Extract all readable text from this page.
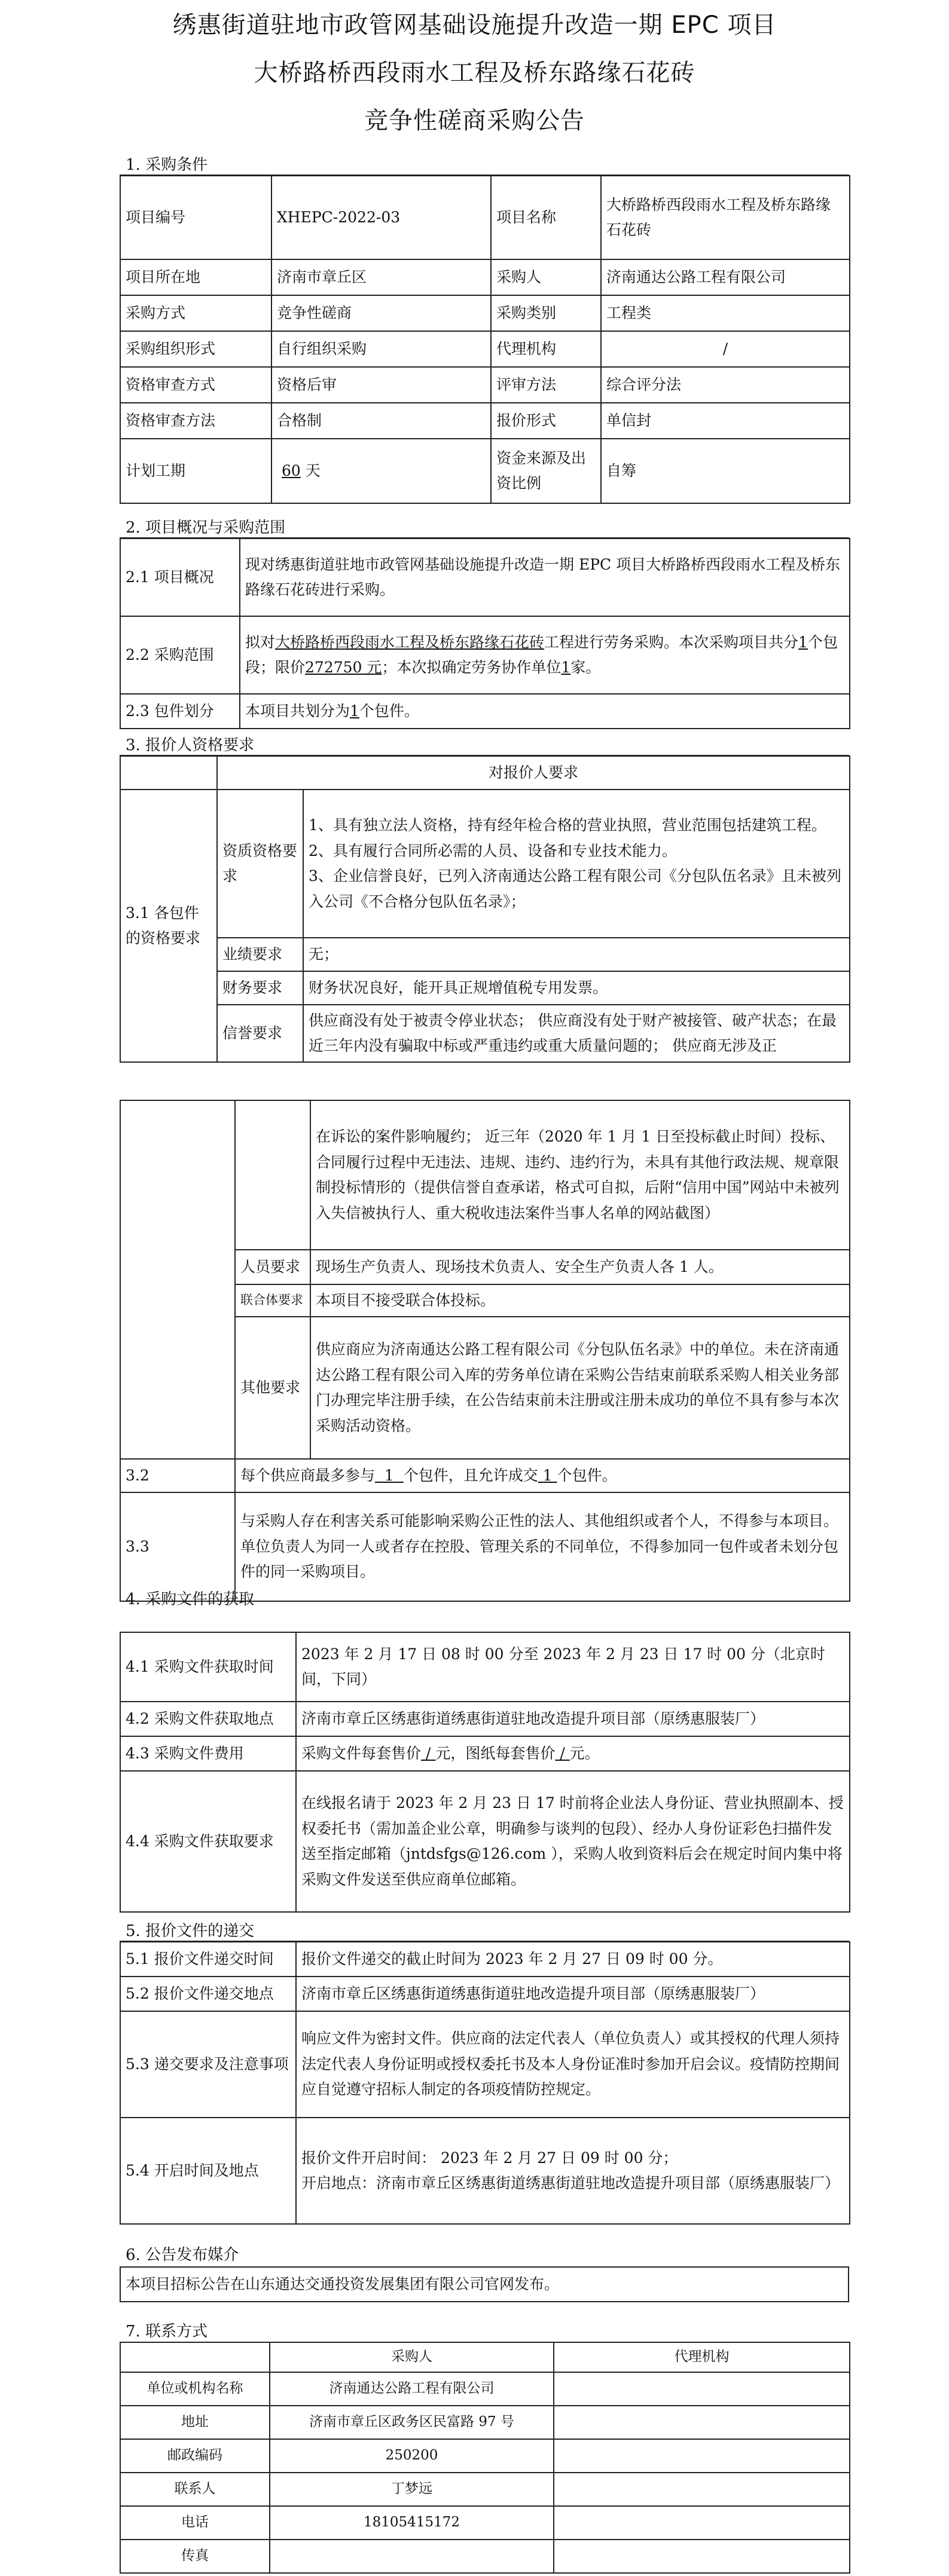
绣惠街道驻地市政管网基础设施提升改造一期 EPC 项目
大桥路桥西段雨水工程及桥东路缘石花砖
竞争性磋商采购公告
1. 采购条件
项目编号	XHEPC-2022-03	项目名称	大桥路桥西段雨水工程及桥东路缘石花砖
项目所在地	济南市章丘区	采购人	济南通达公路工程有限公司
采购方式	竞争性磋商	采购类别	工程类
采购组织形式	自行组织采购	代理机构	/
资格审查方式	资格后审	评审方法	综合评分法
资格审查方法	合格制	报价形式	单信封
计划工期	60 天	资金来源及出资比例	自筹
2. 项目概况与采购范围
2.1 项目概况	现对绣惠街道驻地市政管网基础设施提升改造一期 EPC 项目大桥路桥西段雨水工程及桥东路缘石花砖进行采购。
2.2 采购范围	拟对大桥路桥西段雨水工程及桥东路缘石花砖工程进行劳务采购。本次采购项目共分1个包段；限价272750 元；本次拟确定劳务协作单位1家。
2.3 包件划分	本项目共划分为1个包件。
3. 报价人资格要求
	对报价人要求	
3.1 各包件的资格要求	资质资格要求	1、具有独立法人资格，持有经年检合格的营业执照，营业范围包括建筑工程。
2、具有履行合同所必需的人员、设备和专业技术能力。
3、企业信誉良好，已列入济南通达公路工程有限公司《分包队伍名录》且未被列入公司《不合格分包队伍名录》；

	业绩要求	无；
	财务要求	财务状况良好，能开具正规增值税专用发票。
	信誉要求	供应商没有处于被责令停业状态； 供应商没有处于财产被接管、破产状态；在最近三年内没有骗取中标或严重违约或重大质量问题的； 供应商无涉及正
		在诉讼的案件影响履约； 近三年（2020 年 1 月 1 日至投标截止时间）投标、合同履行过程中无违法、违规、违约、违约行为，未具有其他行政法规、规章限制投标情形的（提供信誉自查承诺，格式可自拟，后附“信用中国”网站中未被列入失信被执行人、重大税收违法案件当事人名单的网站截图）
	人员要求	现场生产负责人、现场技术负责人、安全生产负责人各 1 人。
	联合体要求	本项目不接受联合体投标。
	其他要求	供应商应为济南通达公路工程有限公司《分包队伍名录》中的单位。未在济南通达公路工程有限公司入库的劳务单位请在采购公告结束前联系采购人相关业务部门办理完毕注册手续，在公告结束前未注册或注册未成功的单位不具有参与本次采购活动资格。
3.2	每个供应商最多参与 1 个包件，且允许成交 1 个包件。	
3.3	与采购人存在利害关系可能影响采购公正性的法人、其他组织或者个人，不得参与本项目。单位负责人为同一人或者存在控股、管理关系的不同单位，不得参加同一包件或者未划分包件的同一采购项目。	
4. 采购文件的获取
4.1 采购文件获取时间	2023 年 2 月 17 日 08 时 00 分至 2023 年 2 月 23 日 17 时 00 分（北京时间，下同）
4.2 采购文件获取地点	济南市章丘区绣惠街道绣惠街道驻地改造提升项目部（原绣惠服装厂）
4.3 采购文件费用	采购文件每套售价 / 元，图纸每套售价 / 元。
4.4 采购文件获取要求	在线报名请于 2023 年 2 月 23 日 17 时前将企业法人身份证、营业执照副本、授权委托书（需加盖企业公章，明确参与谈判的包段）、经办人身份证彩色扫描件发送至指定邮箱（jntdsfgs@126.com ），采购人收到资料后会在规定时间内集中将采购文件发送至供应商单位邮箱。
5. 报价文件的递交
5.1 报价文件递交时间	报价文件递交的截止时间为 2023 年 2 月 27 日 09 时 00 分。
5.2 报价文件递交地点	济南市章丘区绣惠街道绣惠街道驻地改造提升项目部（原绣惠服装厂）
5.3 递交要求及注意事项	响应文件为密封文件。供应商的法定代表人（单位负责人）或其授权的代理人须持法定代表人身份证明或授权委托书及本人身份证准时参加开启会议。疫情防控期间应自觉遵守招标人制定的各项疫情防控规定。
5.4 开启时间及地点	报价文件开启时间： 2023 年 2 月 27 日 09 时 00 分；
开启地点：济南市章丘区绣惠街道绣惠街道驻地改造提升项目部（原绣惠服装厂）
6. 公告发布媒介
本项目招标公告在山东通达交通投资发展集团有限公司官网发布。
7. 联系方式
	采购人	代理机构
单位或机构名称	济南通达公路工程有限公司	
地址	济南市章丘区政务区民富路 97 号	
邮政编码	250200	
联系人	丁梦远	
电话	18105415172	
传真		
